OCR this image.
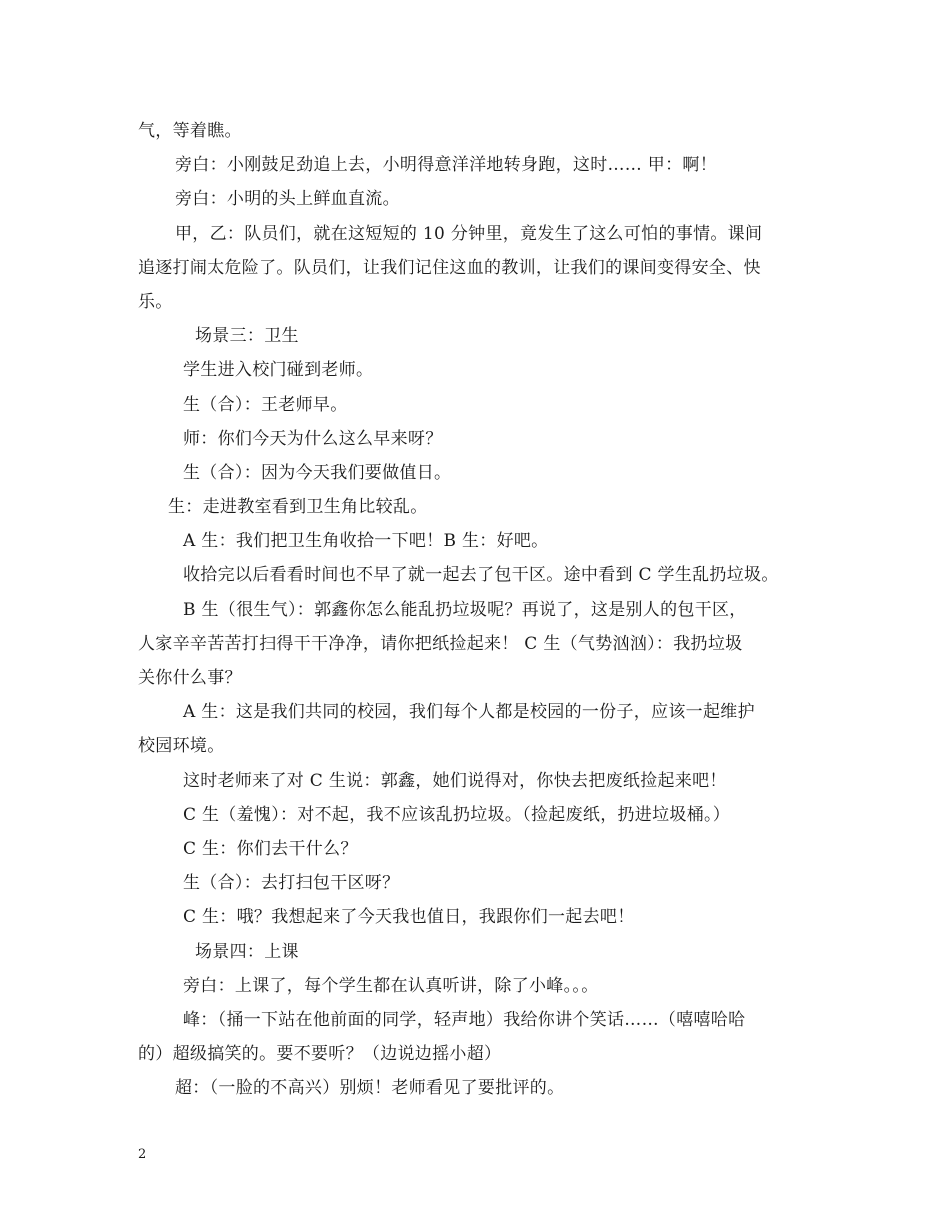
气，等着瞧。
旁白：小刚鼓足劲追上去，小明得意洋洋地转身跑，这时…… 甲：啊！
旁白：小明的头上鲜血直流。
甲，乙：队员们，就在这短短的 10 分钟里，竟发生了这么可怕的事情。课间
追逐打闹太危险了。队员们，让我们记住这血的教训，让我们的课间变得安全、快
乐。
场景三：卫生
学生进入校门碰到老师。
生（合）：王老师早。
师：你们今天为什么这么早来呀？
生（合）：因为今天我们要做值日。
生：走进教室看到卫生角比较乱。
A 生：我们把卫生角收拾一下吧！B 生：好吧。
收拾完以后看看时间也不早了就一起去了包干区。途中看到 C 学生乱扔垃圾。
B 生（很生气）：郭鑫你怎么能乱扔垃圾呢？再说了，这是别人的包干区，
人家辛辛苦苦打扫得干干净净，请你把纸捡起来！ C 生（气势汹汹）：我扔垃圾
关你什么事？
A 生：这是我们共同的校园，我们每个人都是校园的一份子，应该一起维护
校园环境。
这时老师来了对 C 生说：郭鑫，她们说得对，你快去把废纸捡起来吧！
C 生（羞愧）：对不起，我不应该乱扔垃圾。（捡起废纸，扔进垃圾桶。）
C 生：你们去干什么？
生（合）：去打扫包干区呀？
C 生：哦？我想起来了今天我也值日，我跟你们一起去吧！
场景四：上课
旁白：上课了，每个学生都在认真听讲，除了小峰。。。
峰：（捅一下站在他前面的同学，轻声地）我给你讲个笑话……（嘻嘻哈哈
的）超级搞笑的。要不要听？（边说边摇小超）
超：（一脸的不高兴）别烦！老师看见了要批评的。
2
